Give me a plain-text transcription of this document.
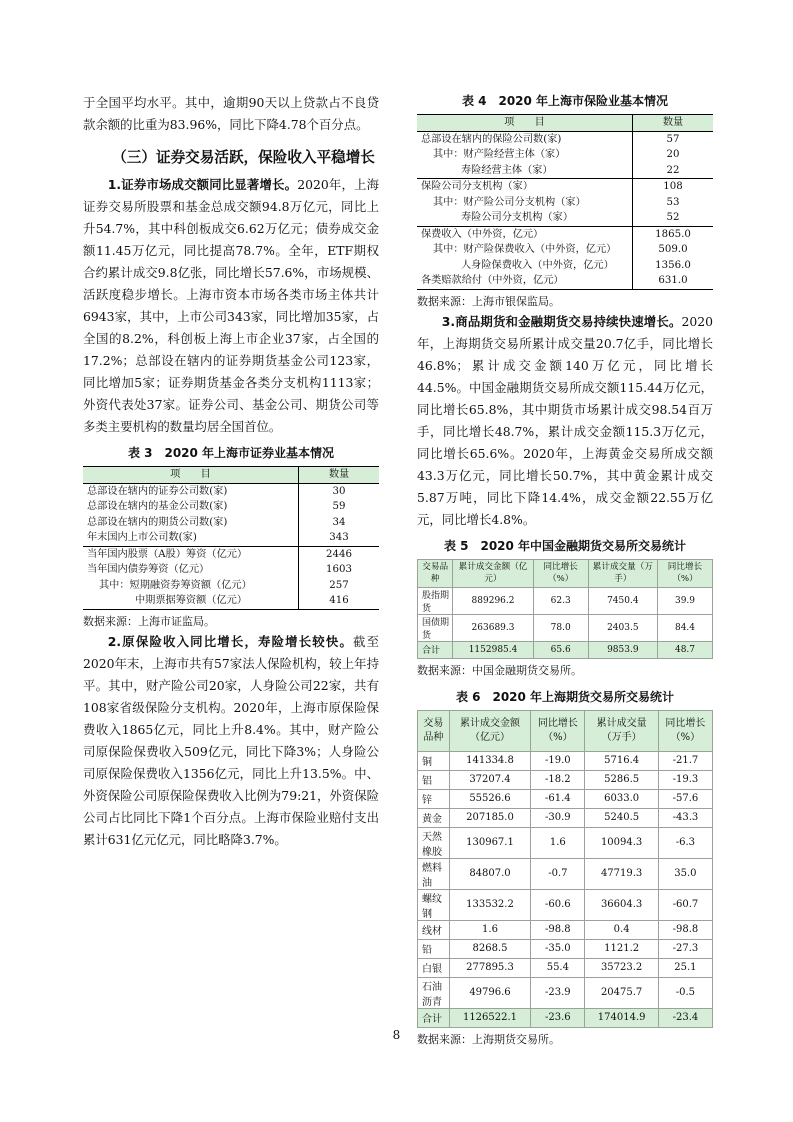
于全国平均水平。其中，逾期90天以上贷款占不良贷款余额的比重为83.96%，同比下降4.78个百分点。

（三）证券交易活跃，保险收入平稳增长

1.证券市场成交额同比显著增长。2020年，上海证券交易所股票和基金总成交额94.8万亿元，同比上升54.7%，其中科创板成交6.62万亿元；债券成交金额11.45万亿元，同比提高78.7%。全年，ETF期权合约累计成交9.8亿张，同比增长57.6%，市场规模、活跃度稳步增长。上海市资本市场各类市场主体共计6943家，其中，上市公司343家，同比增加35家，占全国的8.2%，科创板上海上市企业37家，占全国的17.2%；总部设在辖内的证券期货基金公司123家，同比增加5家；证券期货基金各类分支机构1113家；外资代表处37家。证券公司、基金公司、期货公司等多类主要机构的数量均居全国首位。

表 3　2020 年上海市证券业基本情况
项　　目	数量
总部设在辖内的证券公司数(家)	30
总部设在辖内的基金公司数(家)	59
总部设在辖内的期货公司数(家)	34
年末国内上市公司数(家)	343
当年国内股票（A股）筹资（亿元）	2446
当年国内债券筹资（亿元）	1603
其中：短期融资券筹资额（亿元）	257
中期票据筹资额（亿元）	416
数据来源：上海市证监局。

2.原保险收入同比增长，寿险增长较快。截至2020年末，上海市共有57家法人保险机构，较上年持平。其中，财产险公司20家，人身险公司22家，共有108家省级保险分支机构。2020年，上海市原保险保费收入1865亿元，同比上升8.4%。其中，财产险公司原保险保费收入509亿元，同比下降3%；人身险公司原保险保费收入1356亿元，同比上升13.5%。中、外资保险公司原保险保费收入比例为79:21，外资保险公司占比同比下降1个百分点。上海市保险业赔付支出累计631亿元亿元，同比略降3.7%。

表 4　2020 年上海市保险业基本情况
项　　目	数量
总部设在辖内的保险公司数(家)	57
其中：财产险经营主体（家）	20
寿险经营主体（家）	22
保险公司分支机构（家）	108
其中：财产险公司分支机构（家）	53
寿险公司分支机构（家）	52
保费收入（中外资，亿元）	1865.0
其中：财产险保费收入（中外资，亿元）	509.0
人身险保费收入（中外资，亿元）	1356.0
各类赔款给付（中外资，亿元）	631.0
数据来源：上海市银保监局。

3.商品期货和金融期货交易持续快速增长。2020年，上海期货交易所累计成交量20.7亿手，同比增长46.8%；累计成交金额140万亿元，同比增长44.5%。中国金融期货交易所成交额115.44万亿元，同比增长65.8%，其中期货市场累计成交98.54百万手，同比增长48.7%，累计成交金额115.3万亿元，同比增长65.6%。2020年，上海黄金交易所成交额43.3万亿元，同比增长50.7%，其中黄金累计成交5.87万吨，同比下降14.4%，成交金额22.55万亿元，同比增长4.8%。

表 5　2020 年中国金融期货交易所交易统计
交易品种	累计成交金额（亿元）	同比增长（%）	累计成交量（万手）	同比增长（%）
股指期货	889296.2	62.3	7450.4	39.9
国债期货	263689.3	78.0	2403.5	84.4
合计	1152985.4	65.6	9853.9	48.7
数据来源：中国金融期货交易所。
表 6　2020 年上海期货交易所交易统计
交易品种	累计成交金额（亿元）	同比增长（%）	累计成交量（万手）	同比增长（%）
铜	141334.8	-19.0	5716.4	-21.7
铝	37207.4	-18.2	5286.5	-19.3
锌	55526.6	-61.4	6033.0	-57.6
黄金	207185.0	-30.9	5240.5	-43.3
天然橡胶	130967.1	1.6	10094.3	-6.3
燃料油	84807.0	-0.7	47719.3	35.0
螺纹钢	133532.2	-60.6	36604.3	-60.7
线材	1.6	-98.8	0.4	-98.8
铅	8268.5	-35.0	1121.2	-27.3
白银	277895.3	55.4	35723.2	25.1
石油沥青	49796.6	-23.9	20475.7	-0.5
合计	1126522.1	-23.6	174014.9	-23.4
数据来源：上海期货交易所。
8
